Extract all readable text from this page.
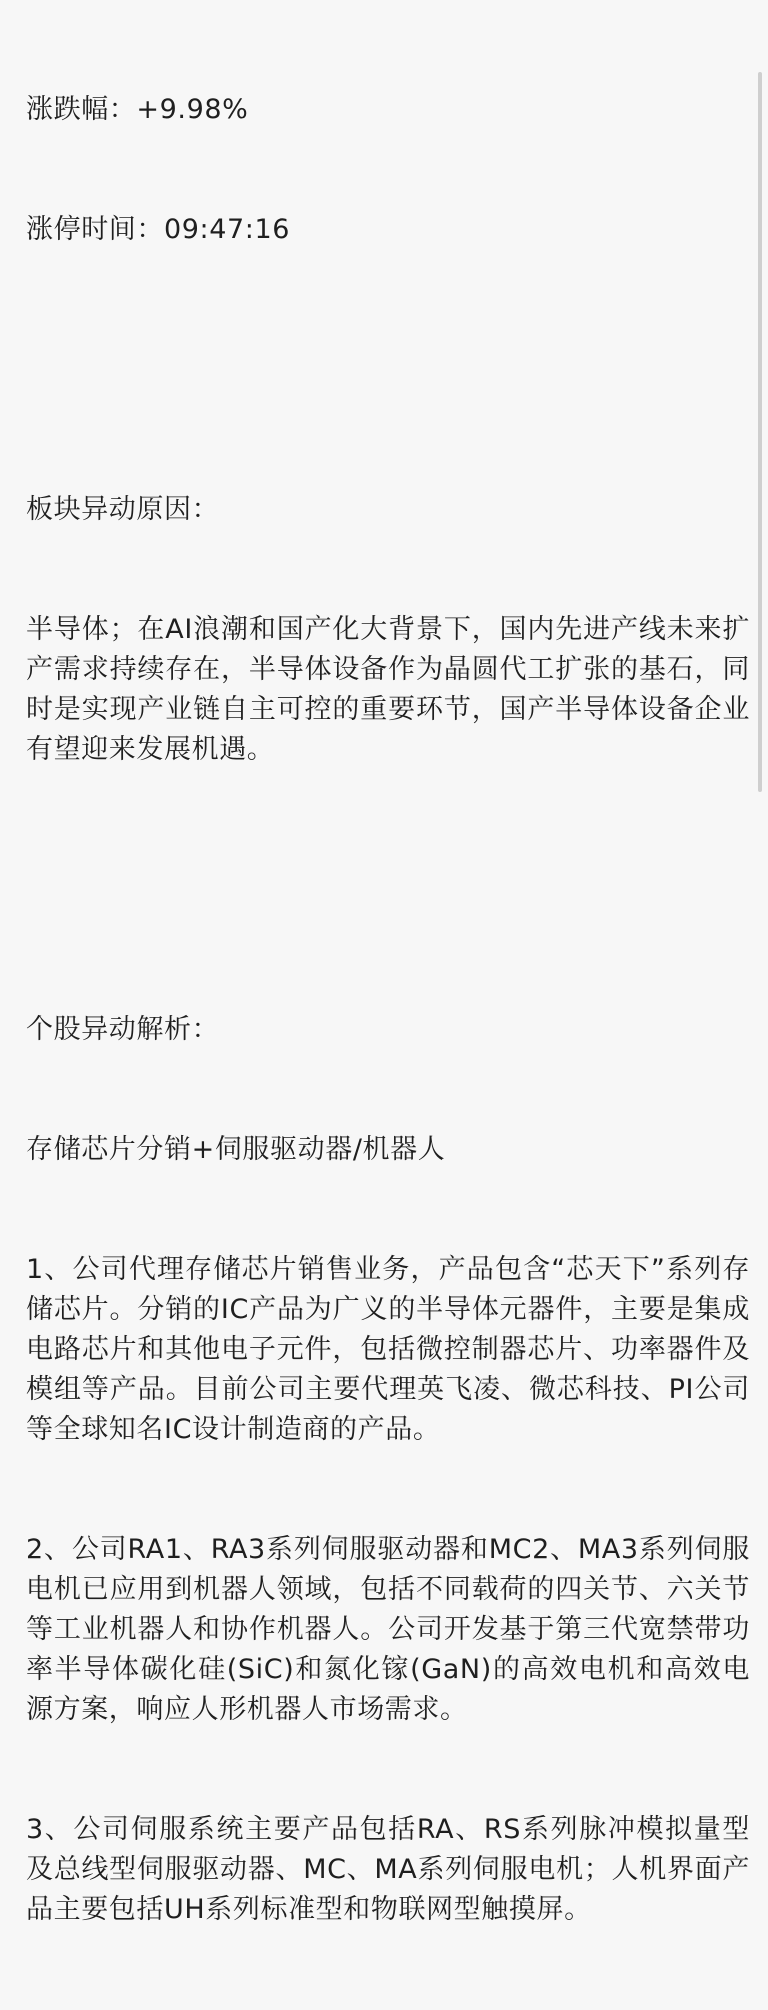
涨跌幅：+9.98%

涨停时间：09:47:16

板块异动原因：

半导体；在AI浪潮和国产化大背景下，国内先进产线未来扩产需求持续存在，半导体设备作为晶圆代工扩张的基石，同时是实现产业链自主可控的重要环节，国产半导体设备企业有望迎来发展机遇。

个股异动解析：

存储芯片分销+伺服驱动器/机器人

1、公司代理存储芯片销售业务，产品包含“芯天下”系列存储芯片。分销的IC产品为广义的半导体元器件，主要是集成电路芯片和其他电子元件，包括微控制器芯片、功率器件及模组等产品。目前公司主要代理英飞凌、微芯科技、PI公司等全球知名IC设计制造商的产品。

2、公司RA1、RA3系列伺服驱动器和MC2、MA3系列伺服电机已应用到机器人领域，包括不同载荷的四关节、六关节等工业机器人和协作机器人。公司开发基于第三代宽禁带功率半导体碳化硅(SiC)和氮化镓(GaN)的高效电机和高效电源方案，响应人形机器人市场需求。

3、公司伺服系统主要产品包括RA、RS系列脉冲模拟量型及总线型伺服驱动器、MC、MA系列伺服电机；人机界面产品主要包括UH系列标准型和物联网型触摸屏。
